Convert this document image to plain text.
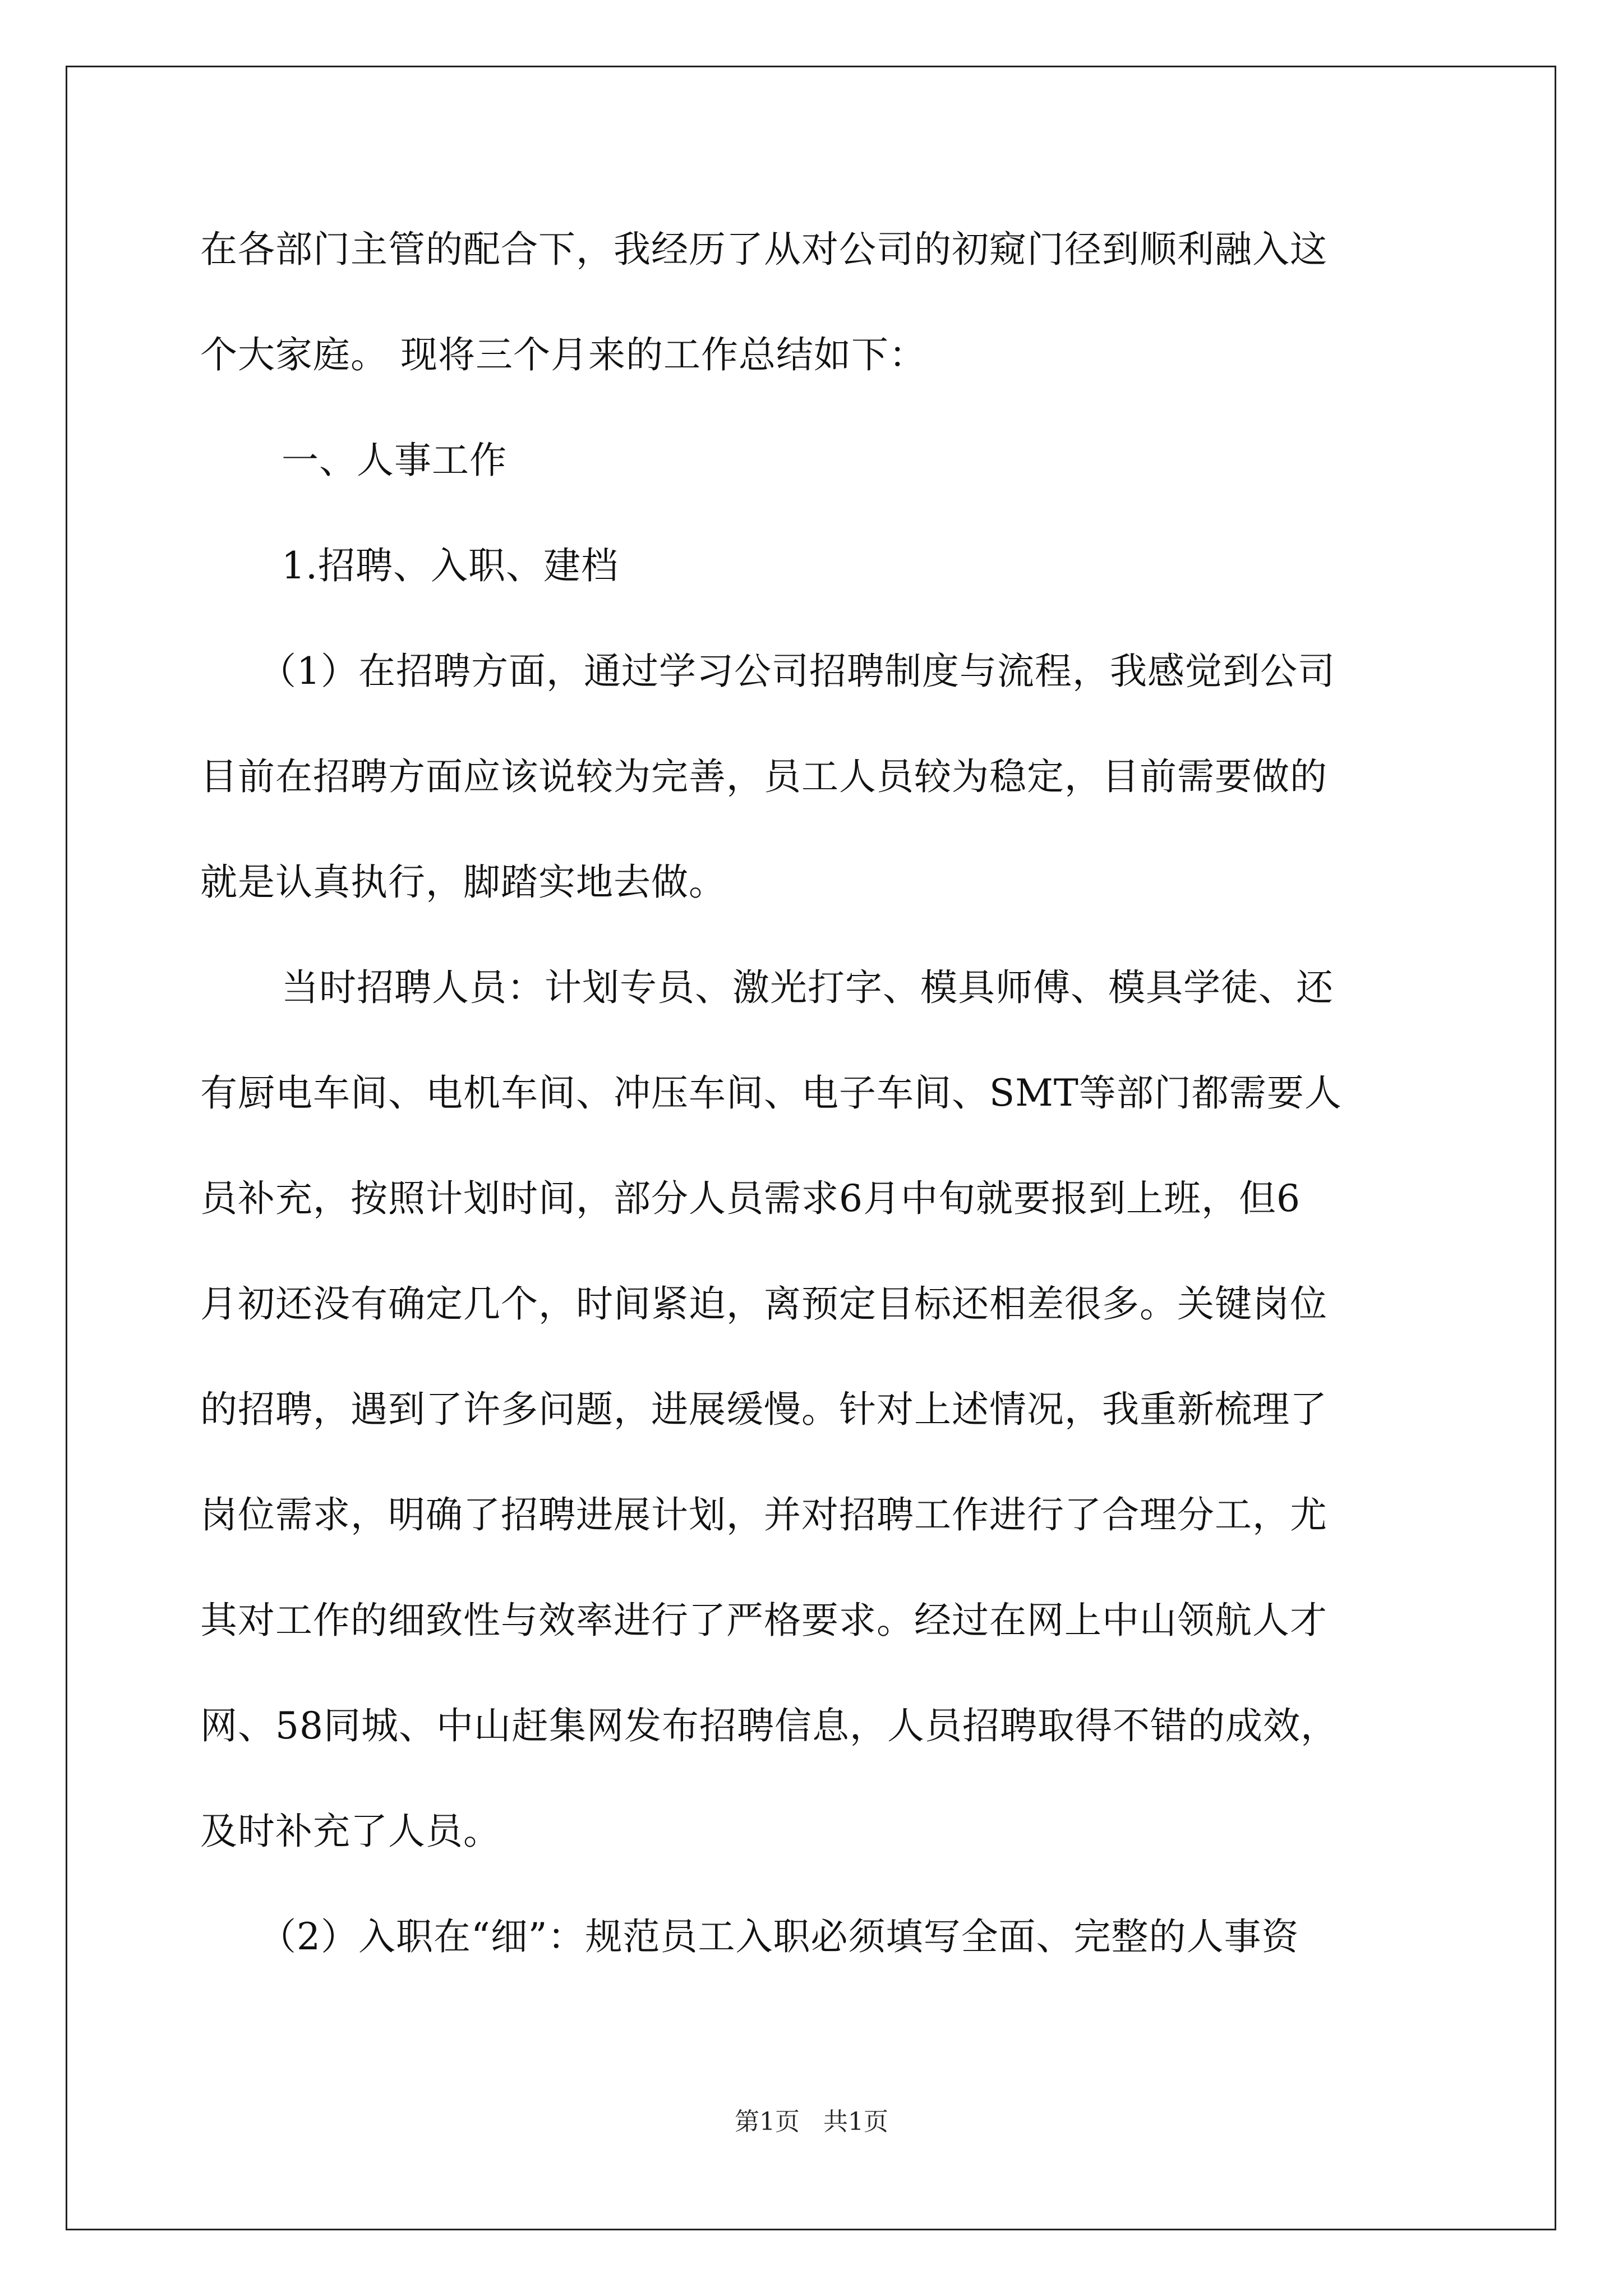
在各部门主管的配合下，我经历了从对公司的初窥门径到顺利融入这
个大家庭。 现将三个月来的工作总结如下：
一、人事工作
1.招聘、入职、建档
（1）在招聘方面，通过学习公司招聘制度与流程，我感觉到公司
目前在招聘方面应该说较为完善，员工人员较为稳定，目前需要做的
就是认真执行，脚踏实地去做。
当时招聘人员：计划专员、激光打字、模具师傅、模具学徒、还
有厨电车间、电机车间、冲压车间、电子车间、SMT等部门都需要人
员补充，按照计划时间，部分人员需求6月中旬就要报到上班，但6
月初还没有确定几个，时间紧迫，离预定目标还相差很多。关键岗位
的招聘，遇到了许多问题，进展缓慢。针对上述情况，我重新梳理了
岗位需求，明确了招聘进展计划，并对招聘工作进行了合理分工，尤
其对工作的细致性与效率进行了严格要求。经过在网上中山领航人才
网、58同城、中山赶集网发布招聘信息，人员招聘取得不错的成效，
及时补充了人员。
（2）入职在“细”：规范员工入职必须填写全面、完整的人事资
第1页   共1页
